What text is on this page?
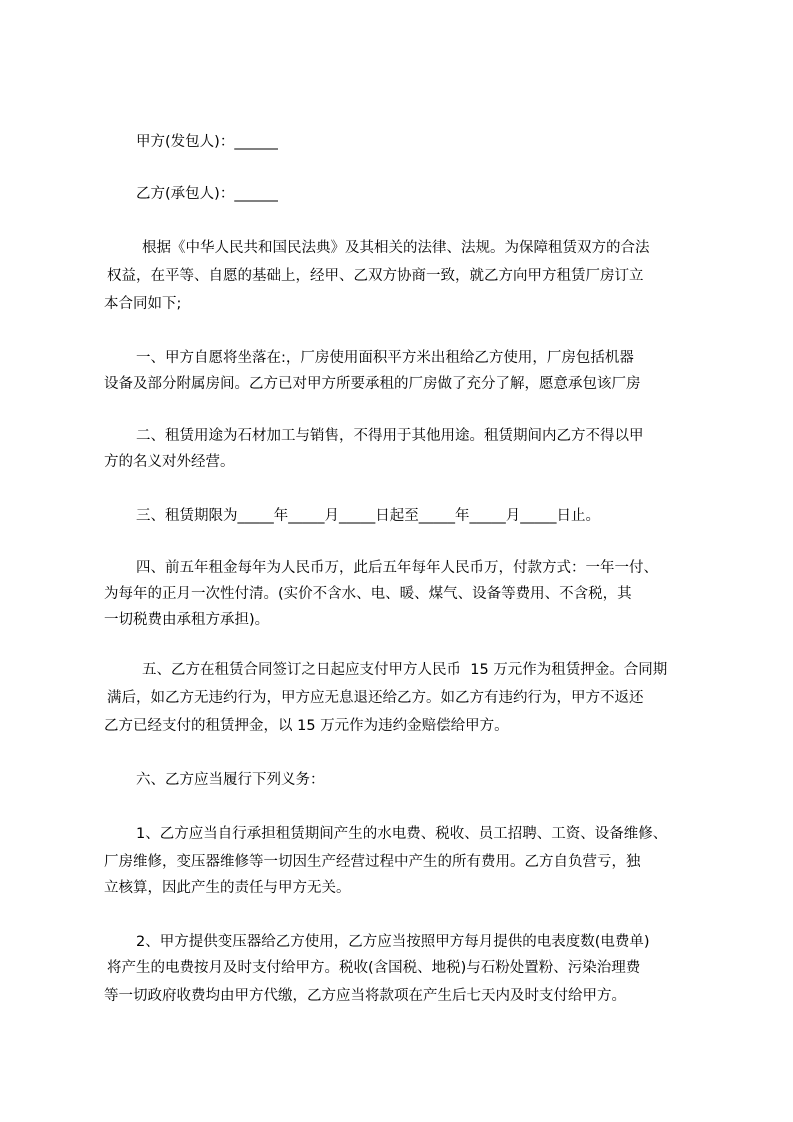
甲方(发包人)：______
乙方(承包人)：______
根据《中华人民共和国民法典》及其相关的法律、法规。为保障租赁双方的合法
权益，在平等、自愿的基础上，经甲、乙双方协商一致，就乙方向甲方租赁厂房订立
本合同如下;
一、甲方自愿将坐落在:，厂房使用面积平方米出租给乙方使用，厂房包括机器
设备及部分附属房间。乙方已对甲方所要承租的厂房做了充分了解，愿意承包该厂房
二、租赁用途为石材加工与销售，不得用于其他用途。租赁期间内乙方不得以甲
方的名义对外经营。
三、租赁期限为_____年_____月_____日起至_____年_____月_____日止。
四、前五年租金每年为人民币万，此后五年每年人民币万，付款方式：一年一付、
为每年的正月一次性付清。(实价不含水、电、暖、煤气、设备等费用、不含税，其
一切税费由承租方承担)。
五、乙方在租赁合同签订之日起应支付甲方人民币  15 万元作为租赁押金。合同期
满后，如乙方无违约行为，甲方应无息退还给乙方。如乙方有违约行为，甲方不返还
乙方已经支付的租赁押金，以 15 万元作为违约金赔偿给甲方。
六、乙方应当履行下列义务：
1、乙方应当自行承担租赁期间产生的水电费、税收、员工招聘、工资、设备维修、
厂房维修，变压器维修等一切因生产经营过程中产生的所有费用。乙方自负营亏，独
立核算，因此产生的责任与甲方无关。
2、甲方提供变压器给乙方使用，乙方应当按照甲方每月提供的电表度数(电费单)
将产生的电费按月及时支付给甲方。税收(含国税、地税)与石粉处置粉、污染治理费
等一切政府收费均由甲方代缴，乙方应当将款项在产生后七天内及时支付给甲方。
